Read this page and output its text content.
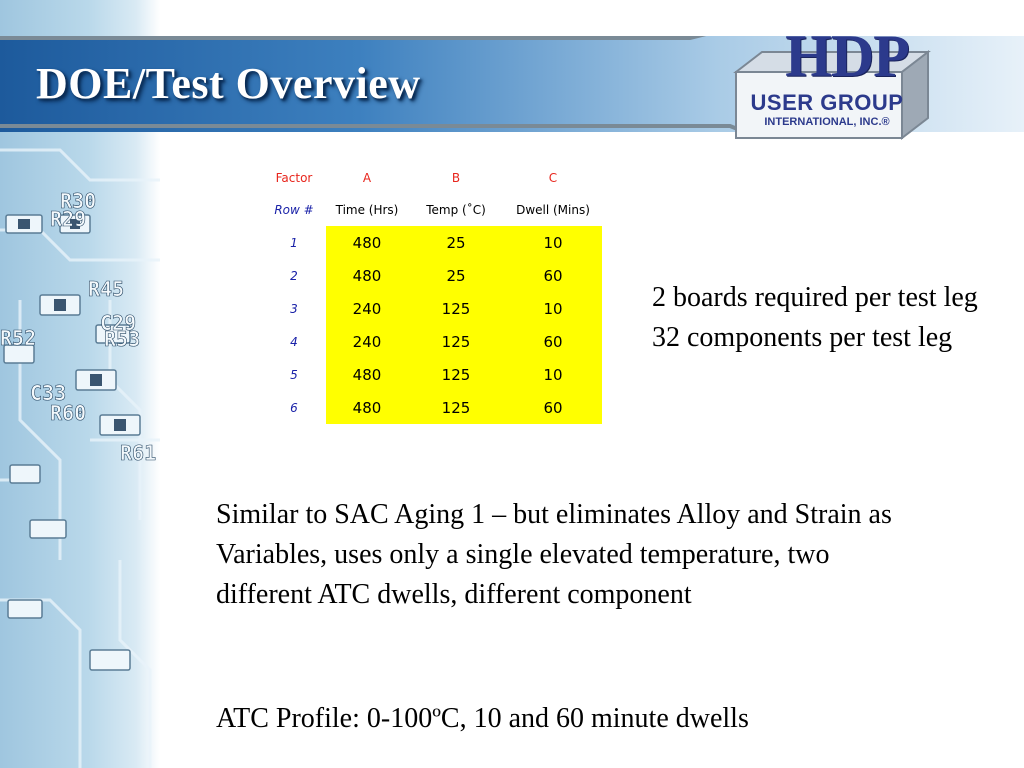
R30
R29
R45
C29
R52	R53
C33
R60
R61
DOE/Test Overview	HDP
USER GROUP
INTERNATIONAL, INC.®
Factor	A	B	C
Row #	Time (Hrs)	Temp (˚C)	Dwell (Mins)
1	480	25	10
2	480	25	60
3	240	125	10
4	240	125	60
5	480	125	10
6	480	125	60

2 boards required per test leg

32 components per test leg

Similar to SAC Aging 1 – but eliminates Alloy and Strain as Variables, uses only a single elevated temperature, two different ATC dwells, different component

ATC Profile: 0-100ºC, 10 and 60 minute dwells
